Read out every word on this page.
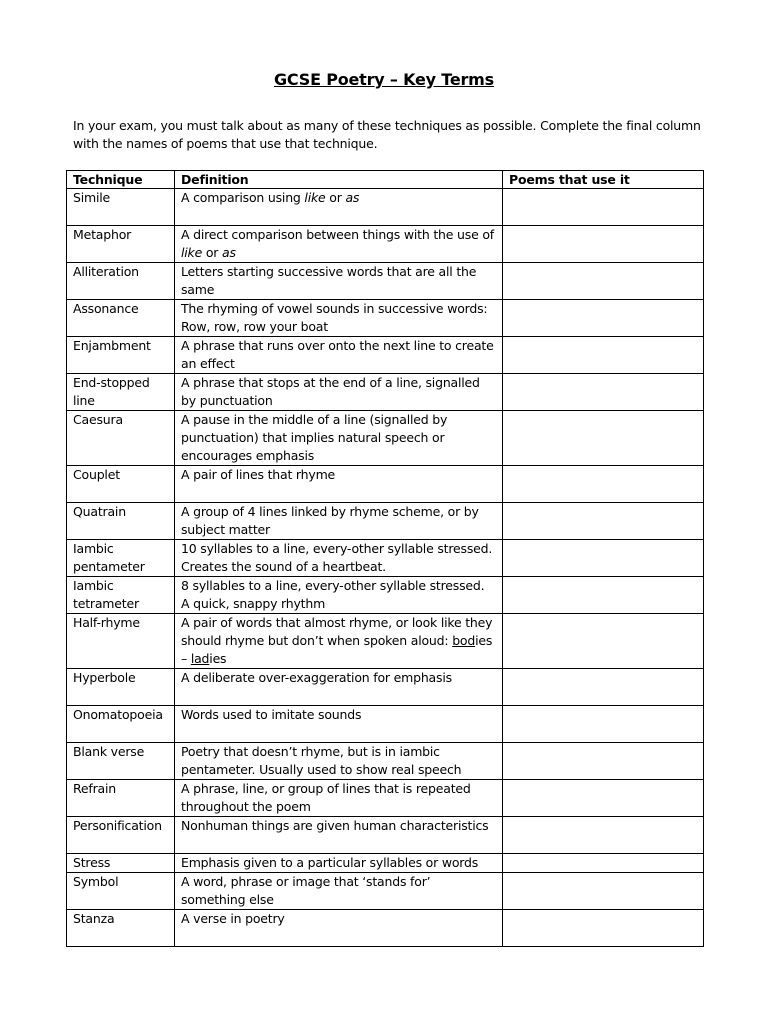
GCSE Poetry – Key Terms
In your exam, you must talk about as many of these techniques as possible. Complete the final column with the names of poems that use that technique.
Technique	Definition	Poems that use it
Simile	A comparison using like or as	
Metaphor	A direct comparison between things with the use of like or as	
Alliteration	Letters starting successive words that are all the same	
Assonance	The rhyming of vowel sounds in successive words: Row, row, row your boat	
Enjambment	A phrase that runs over onto the next line to create an effect	
End-stopped line	A phrase that stops at the end of a line, signalled by punctuation	
Caesura	A pause in the middle of a line (signalled by punctuation) that implies natural speech or encourages emphasis	
Couplet	A pair of lines that rhyme	
Quatrain	A group of 4 lines linked by rhyme scheme, or by subject matter	
Iambic pentameter	10 syllables to a line, every-other syllable stressed. Creates the sound of a heartbeat.	
Iambic tetrameter	8 syllables to a line, every-other syllable stressed. A quick, snappy rhythm	
Half-rhyme	A pair of words that almost rhyme, or look like they should rhyme but don’t when spoken aloud: bodies – ladies	
Hyperbole	A deliberate over-exaggeration for emphasis	
Onomatopoeia	Words used to imitate sounds	
Blank verse	Poetry that doesn’t rhyme, but is in iambic pentameter. Usually used to show real speech	
Refrain	A phrase, line, or group of lines that is repeated throughout the poem	
Personification	Nonhuman things are given human characteristics	
Stress	Emphasis given to a particular syllables or words	
Symbol	A word, phrase or image that ‘stands for’ something else	
Stanza	A verse in poetry	
